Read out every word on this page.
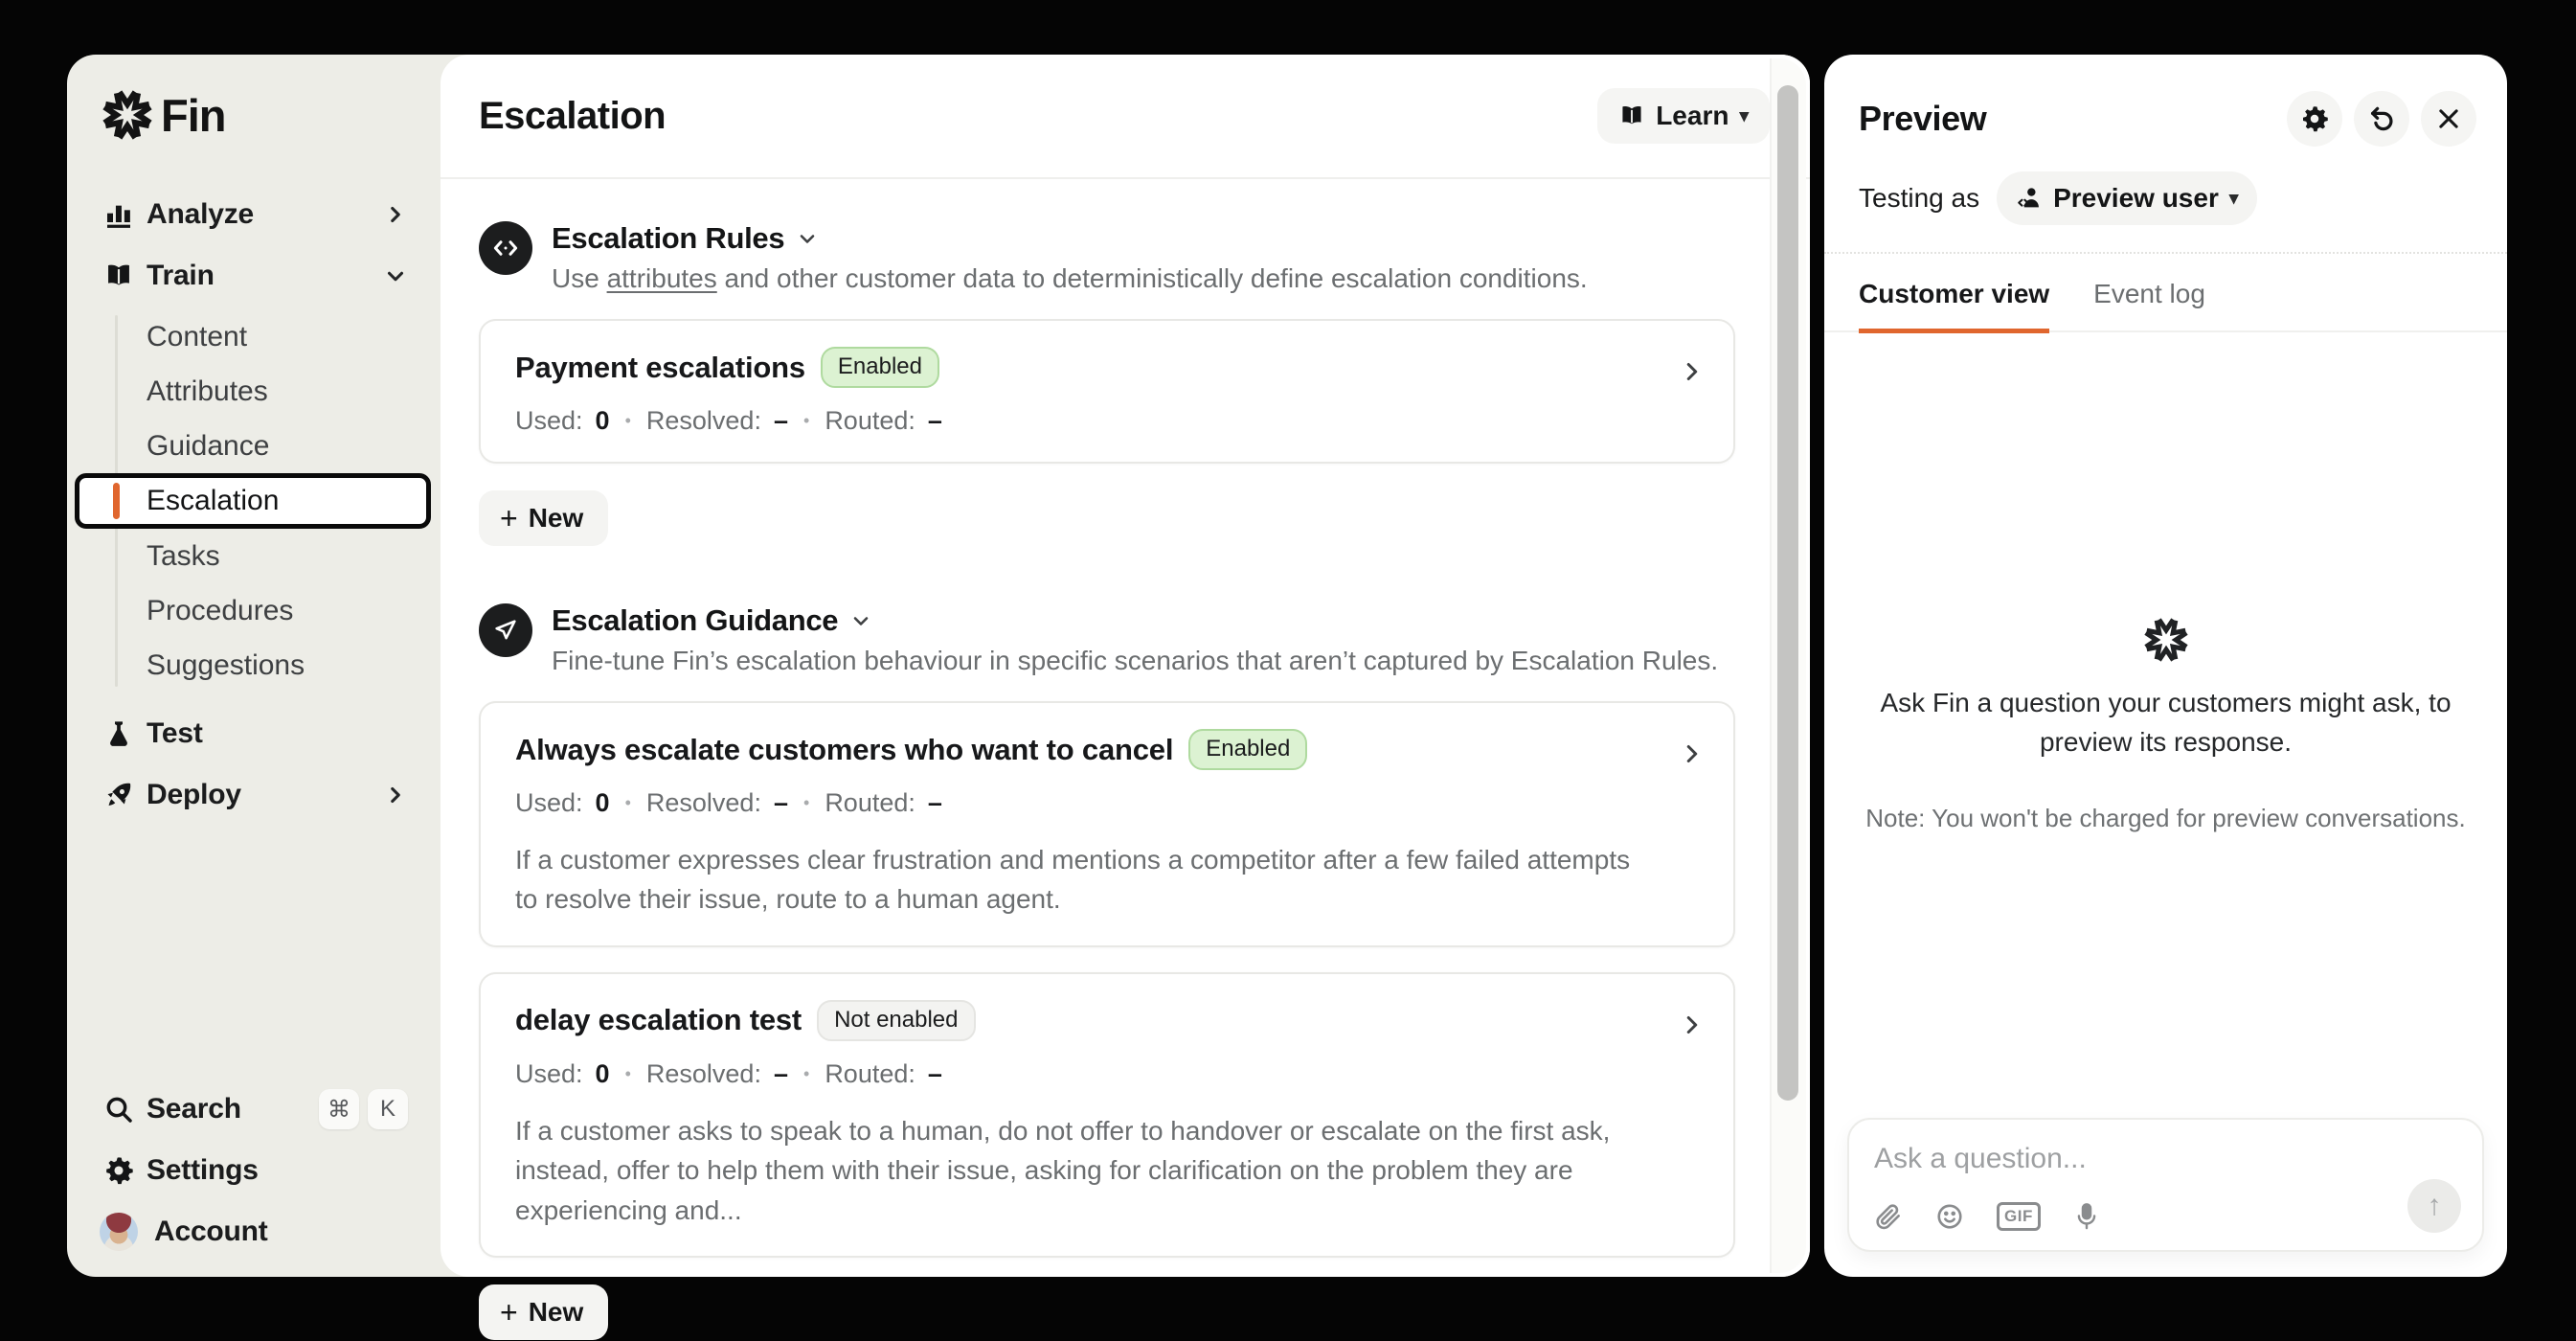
Fin
Analyze
Train
Content
Attributes
Guidance
Escalation
Tasks
Procedures
Suggestions
Test
Deploy
Search	⌘	K
Settings
Account
Escalation	Learn ▾
Escalation Rules
Use attributes and other customer data to deterministically define escalation conditions.
Payment escalations	Enabled
Used: 0 • Resolved: – • Routed: –
+ New
Escalation Guidance
Fine-tune Fin’s escalation behaviour in specific scenarios that aren’t captured by Escalation Rules.
Always escalate customers who want to cancel	Enabled
Used: 0 • Resolved: – • Routed: –
If a customer expresses clear frustration and mentions a competitor after a few failed attempts to resolve their issue, route to a human agent.
delay escalation test	Not enabled
Used: 0 • Resolved: – • Routed: –
If a customer asks to speak to a human, do not offer to handover or escalate on the first ask, instead, offer to help them with their issue, asking for clarification on the problem they are experiencing and...
+ New
Preview
Testing as	Preview user ▾
Customer view Event log
Ask Fin a question your customers might ask, to preview its response.
Note: You won't be charged for preview conversations.
Ask a question...
GIF	↑
